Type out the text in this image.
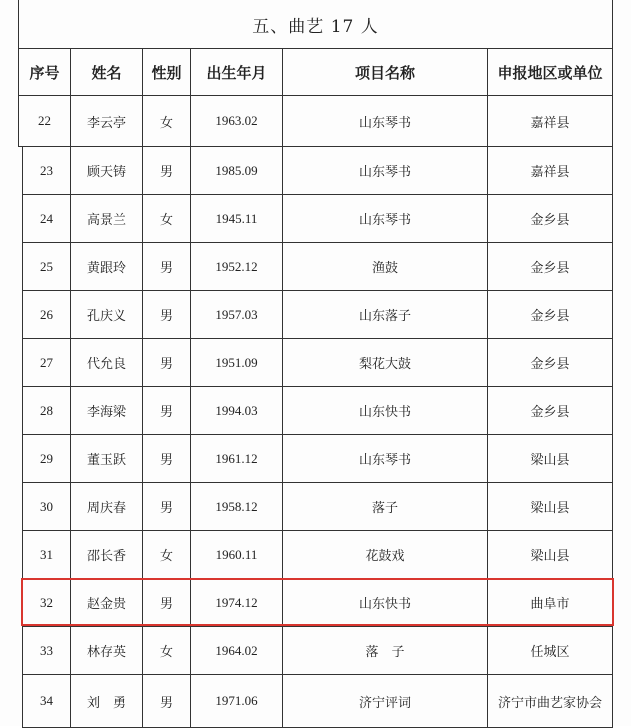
五、曲艺 17 人					
序号	姓名	性别	出生年月	项目名称	申报地区或单位
22	李云亭	女	1963.02	山东琴书	嘉祥县
23	顾天铸	男	1985.09	山东琴书	嘉祥县
24	高景兰	女	1945.11	山东琴书	金乡县
25	黄跟玲	男	1952.12	渔鼓	金乡县
26	孔庆义	男	1957.03	山东落子	金乡县
27	代允良	男	1951.09	梨花大鼓	金乡县
28	李海梁	男	1994.03	山东快书	金乡县
29	董玉跃	男	1961.12	山东琴书	梁山县
30	周庆春	男	1958.12	落子	梁山县
31	邵长香	女	1960.11	花鼓戏	梁山县
32	赵金贵	男	1974.12	山东快书	曲阜市
33	林存英	女	1964.02	落　子	任城区
34	刘　勇	男	1971.06	济宁评词	济宁市曲艺家协会
